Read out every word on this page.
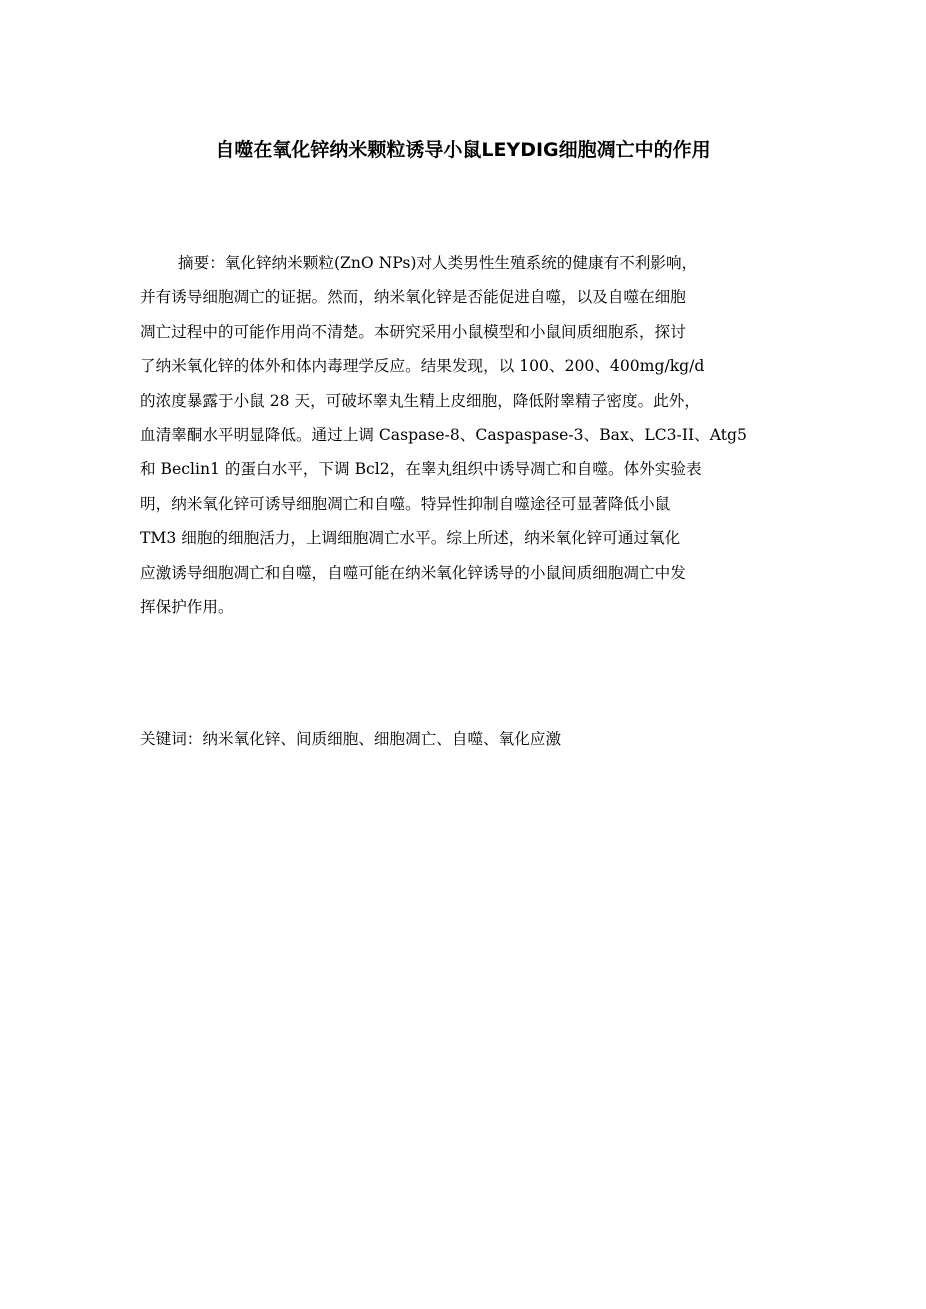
自噬在氧化锌纳米颗粒诱导小鼠LEYDIG细胞凋亡中的作用
摘要：氧化锌纳米颗粒(ZnO NPs)对人类男性生殖系统的健康有不利影响，
并有诱导细胞凋亡的证据。然而，纳米氧化锌是否能促进自噬，以及自噬在细胞
凋亡过程中的可能作用尚不清楚。本研究采用小鼠模型和小鼠间质细胞系，探讨
了纳米氧化锌的体外和体内毒理学反应。结果发现，以 100、200、400mg/kg/d
的浓度暴露于小鼠 28 天，可破坏睾丸生精上皮细胞，降低附睾精子密度。此外，
血清睾酮水平明显降低。通过上调 Caspase-8、Caspaspase-3、Bax、LC3-II、Atg5
和 Beclin1 的蛋白水平，下调 Bcl2，在睾丸组织中诱导凋亡和自噬。体外实验表
明，纳米氧化锌可诱导细胞凋亡和自噬。特异性抑制自噬途径可显著降低小鼠
TM3 细胞的细胞活力，上调细胞凋亡水平。综上所述，纳米氧化锌可通过氧化
应激诱导细胞凋亡和自噬，自噬可能在纳米氧化锌诱导的小鼠间质细胞凋亡中发
挥保护作用。
关键词：纳米氧化锌、间质细胞、细胞凋亡、自噬、氧化应激
